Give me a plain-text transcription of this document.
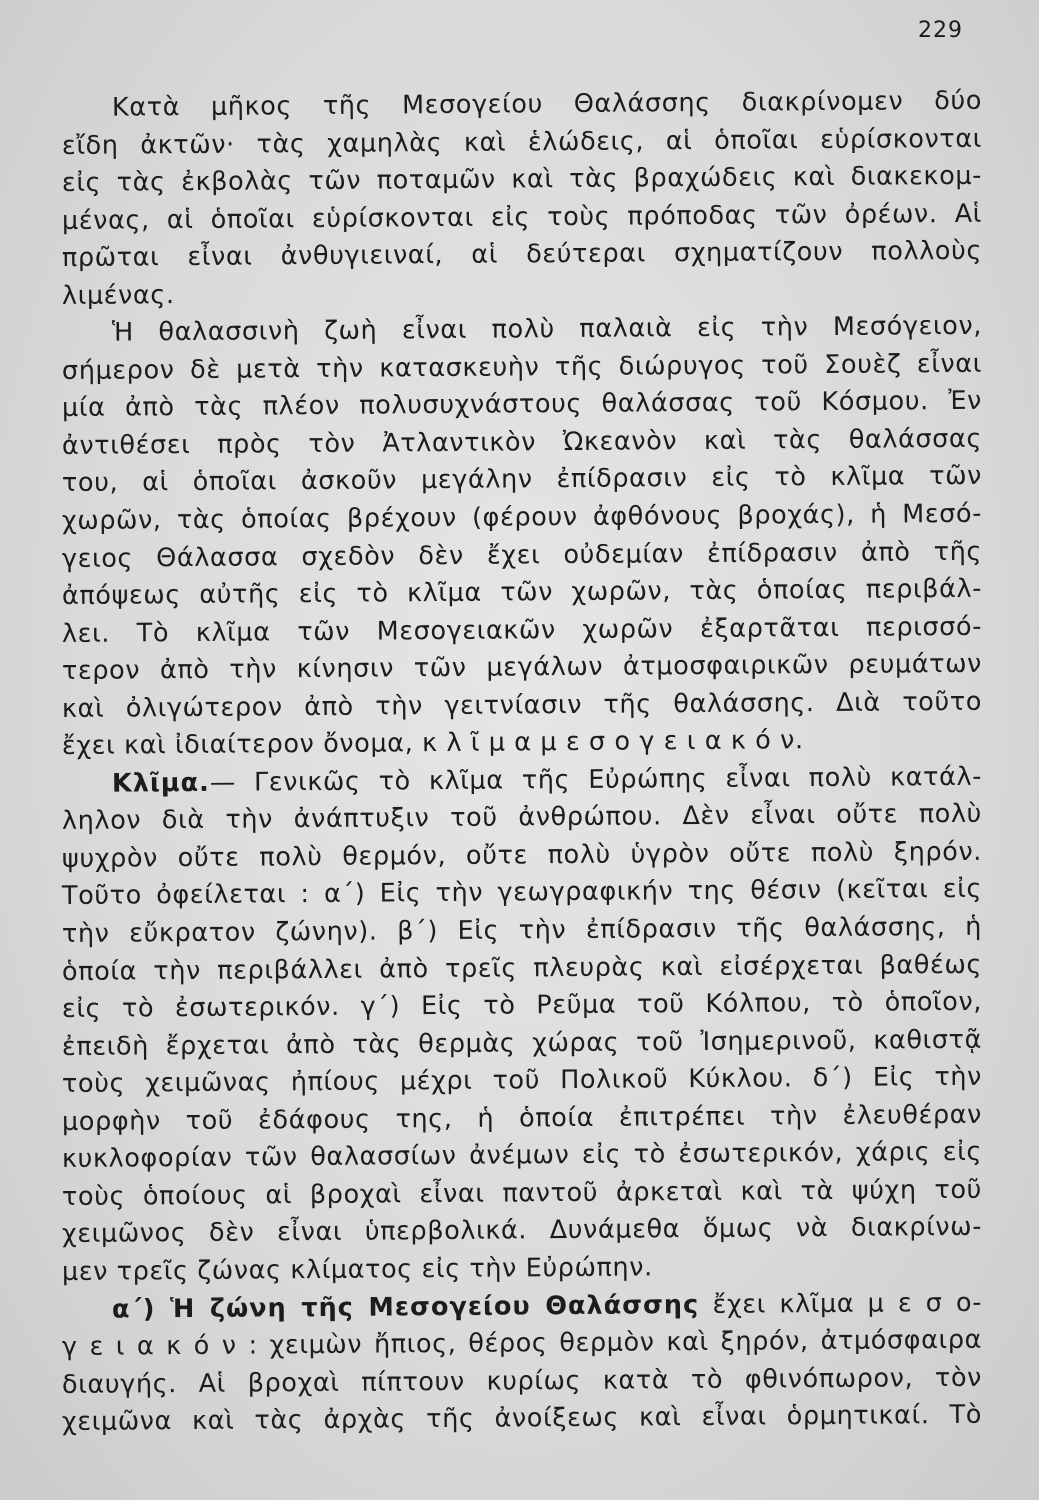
229
Κατὰ μῆκος τῆς Μεσογείου Θαλάσσης διακρίνομεν δύο
εἴδη ἀκτῶν· τὰς χαμηλὰς καὶ ἑλώδεις, αἱ ὁποῖαι εὑρίσκονται
εἰς τὰς ἐκβολὰς τῶν ποταμῶν καὶ τὰς βραχώδεις καὶ διακεκομ-
μένας, αἱ ὁποῖαι εὑρίσκονται εἰς τοὺς πρόποδας τῶν ὀρέων. Αἱ
πρῶται εἶναι ἀνθυγιειναί, αἱ δεύτεραι σχηματίζουν πολλοὺς
λιμένας.
Ἡ θαλασσινὴ ζωὴ εἶναι πολὺ παλαιὰ εἰς τὴν Μεσόγειον,
σήμερον δὲ μετὰ τὴν κατασκευὴν τῆς διώρυγος τοῦ Σουὲζ εἶναι
μία ἀπὸ τὰς πλέον πολυσυχνάστους θαλάσσας τοῦ Κόσμου. Ἐν
ἀντιθέσει πρὸς τὸν Ἀτλαντικὸν Ὠκεανὸν καὶ τὰς θαλάσσας
του, αἱ ὁποῖαι ἀσκοῦν μεγάλην ἐπίδρασιν εἰς τὸ κλῖμα τῶν
χωρῶν, τὰς ὁποίας βρέχουν (φέρουν ἀφθόνους βροχάς), ἡ Μεσό-
γειος Θάλασσα σχεδὸν δὲν ἔχει οὐδεμίαν ἐπίδρασιν ἀπὸ τῆς
ἀπόψεως αὐτῆς εἰς τὸ κλῖμα τῶν χωρῶν, τὰς ὁποίας περιβάλ-
λει. Τὸ κλῖμα τῶν Μεσογειακῶν χωρῶν ἐξαρτᾶται περισσό-
τερον ἀπὸ τὴν κίνησιν τῶν μεγάλων ἀτμοσφαιρικῶν ρευμάτων
καὶ ὀλιγώτερον ἀπὸ τὴν γειτνίασιν τῆς θαλάσσης. Διὰ τοῦτο
ἔχει καὶ ἰδιαίτερον ὄνομα, κ λ ῖ μ α μ ε σ ο γ ε ι α κ ό ν.
Κλῖμα.— Γενικῶς τὸ κλῖμα τῆς Εὐρώπης εἶναι πολὺ κατάλ-
ληλον διὰ τὴν ἀνάπτυξιν τοῦ ἀνθρώπου. Δὲν εἶναι οὔτε πολὺ
ψυχρὸν οὔτε πολὺ θερμόν, οὔτε πολὺ ὑγρὸν οὔτε πολὺ ξηρόν.
Τοῦτο ὀφείλεται : α΄) Εἰς τὴν γεωγραφικήν της θέσιν (κεῖται εἰς
τὴν εὔκρατον ζώνην). β΄) Εἰς τὴν ἐπίδρασιν τῆς θαλάσσης, ἡ
ὁποία τὴν περιβάλλει ἀπὸ τρεῖς πλευρὰς καὶ εἰσέρχεται βαθέως
εἰς τὸ ἐσωτερικόν. γ΄) Εἰς τὸ Ρεῦμα τοῦ Κόλπου, τὸ ὁποῖον,
ἐπειδὴ ἔρχεται ἀπὸ τὰς θερμὰς χώρας τοῦ Ἰσημερινοῦ, καθιστᾷ
τοὺς χειμῶνας ἠπίους μέχρι τοῦ Πολικοῦ Κύκλου. δ΄) Εἰς τὴν
μορφὴν τοῦ ἐδάφους της, ἡ ὁποία ἐπιτρέπει τὴν ἐλευθέραν
κυκλοφορίαν τῶν θαλασσίων ἀνέμων εἰς τὸ ἐσωτερικόν, χάρις εἰς
τοὺς ὁποίους αἱ βροχαὶ εἶναι παντοῦ ἀρκεταὶ καὶ τὰ ψύχη τοῦ
χειμῶνος δὲν εἶναι ὑπερβολικά. Δυνάμεθα ὅμως νὰ διακρίνω-
μεν τρεῖς ζώνας κλίματος εἰς τὴν Εὐρώπην.
α΄) Ἡ ζώνη τῆς Μεσογείου Θαλάσσης ἔχει κλῖμα μ ε σ ο-
γ ε ι α κ ό ν : χειμὼν ἤπιος, θέρος θερμὸν καὶ ξηρόν, ἀτμόσφαιρα
διαυγής. Αἱ βροχαὶ πίπτουν κυρίως κατὰ τὸ φθινόπωρον, τὸν
χειμῶνα καὶ τὰς ἀρχὰς τῆς ἀνοίξεως καὶ εἶναι ὁρμητικαί. Τὸ
